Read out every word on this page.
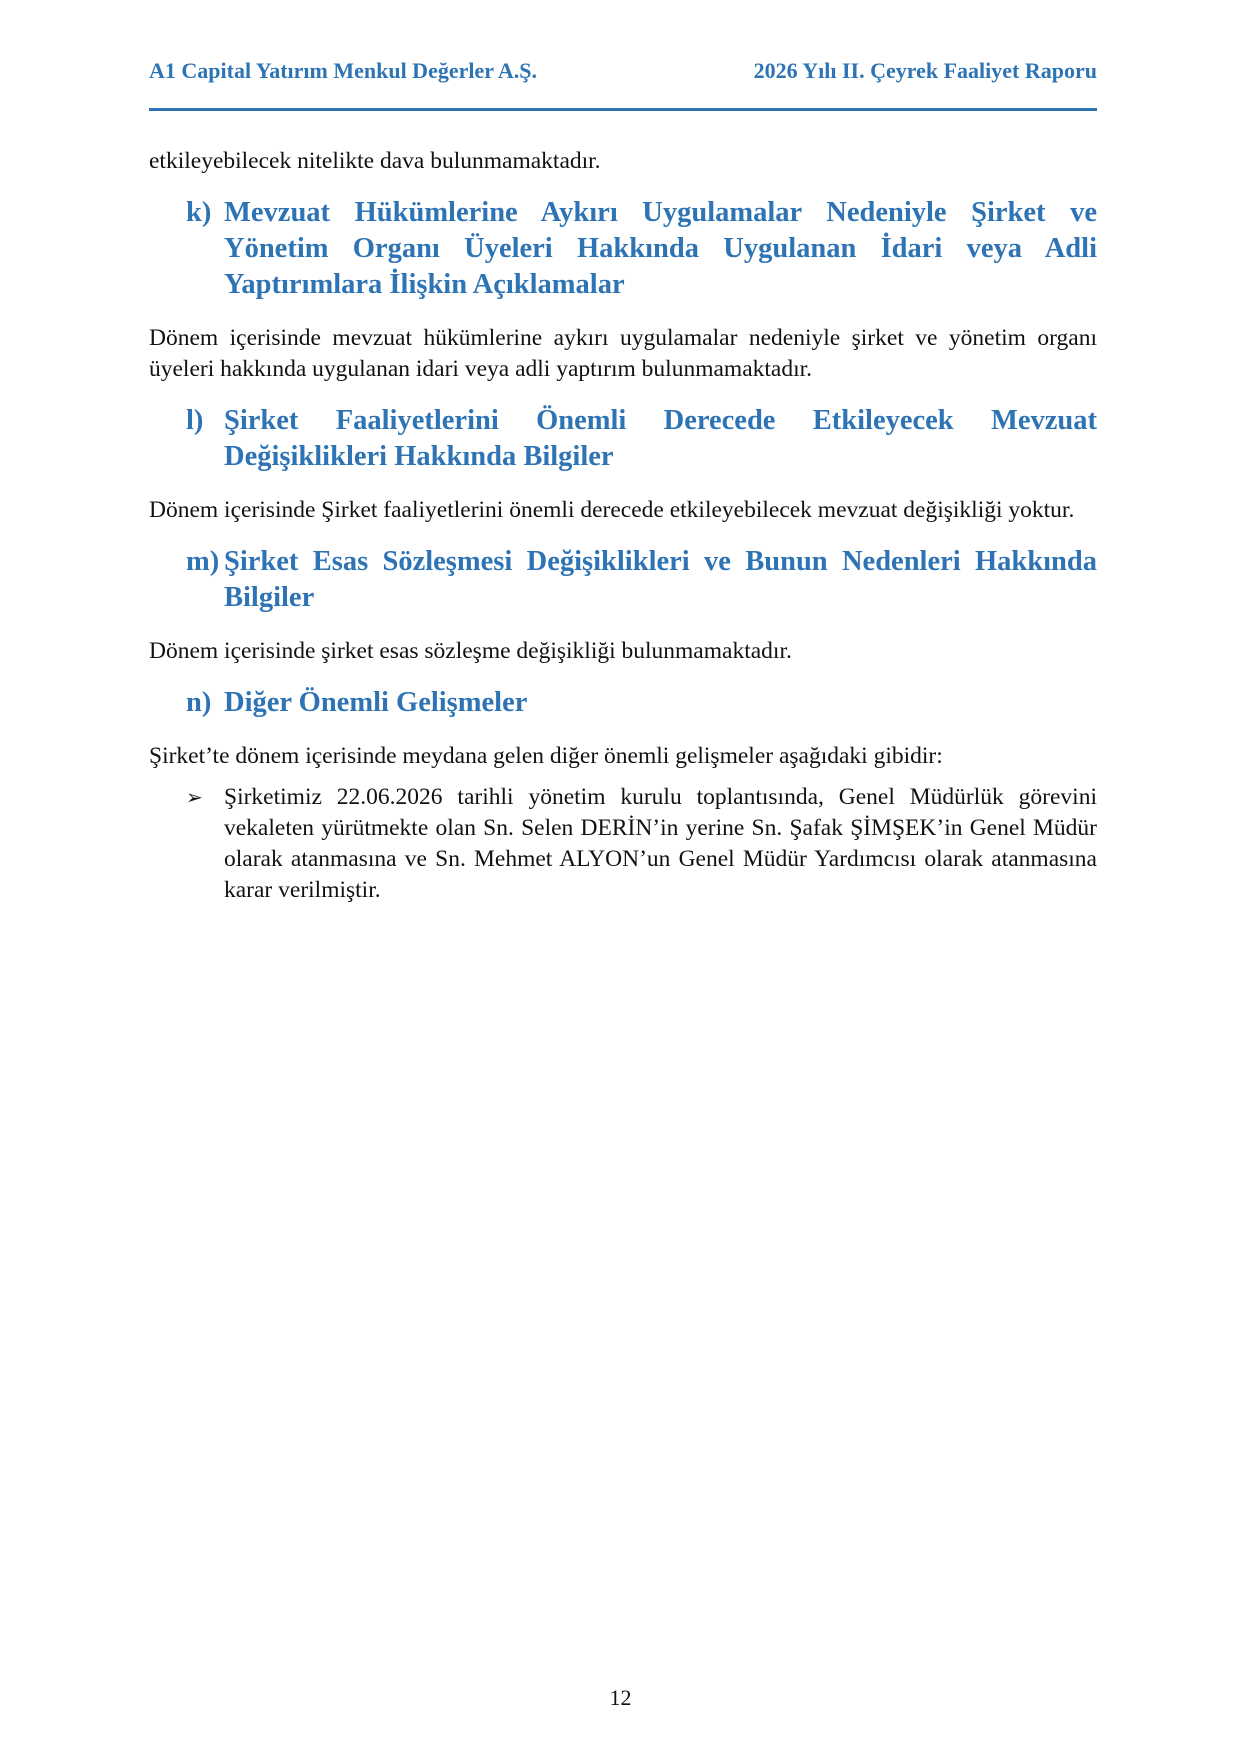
A1 Capital Yatırım Menkul Değerler A.Ş.	2026 Yılı II. Çeyrek Faaliyet Raporu

etkileyebilecek nitelikte dava bulunmamaktadır.

k) Mevzuat Hükümlerine Aykırı Uygulamalar Nedeniyle Şirket ve Yönetim Organı Üyeleri Hakkında Uygulanan İdari veya Adli Yaptırımlara İlişkin Açıklamalar

Dönem içerisinde mevzuat hükümlerine aykırı uygulamalar nedeniyle şirket ve yönetim organı üyeleri hakkında uygulanan idari veya adli yaptırım bulunmamaktadır.

l) Şirket Faaliyetlerini Önemli Derecede Etkileyecek Mevzuat Değişiklikleri Hakkında Bilgiler

Dönem içerisinde Şirket faaliyetlerini önemli derecede etkileyebilecek mevzuat değişikliği yoktur.

m) Şirket Esas Sözleşmesi Değişiklikleri ve Bunun Nedenleri Hakkında Bilgiler

Dönem içerisinde şirket esas sözleşme değişikliği bulunmamaktadır.

n) Diğer Önemli Gelişmeler

Şirket’te dönem içerisinde meydana gelen diğer önemli gelişmeler aşağıdaki gibidir:

➢ Şirketimiz 22.06.2026 tarihli yönetim kurulu toplantısında, Genel Müdürlük görevini vekaleten yürütmekte olan Sn. Selen DERİN’in yerine Sn. Şafak ŞİMŞEK’in Genel Müdür olarak atanmasına ve Sn. Mehmet ALYON’un Genel Müdür Yardımcısı olarak atanmasına karar verilmiştir.
12
